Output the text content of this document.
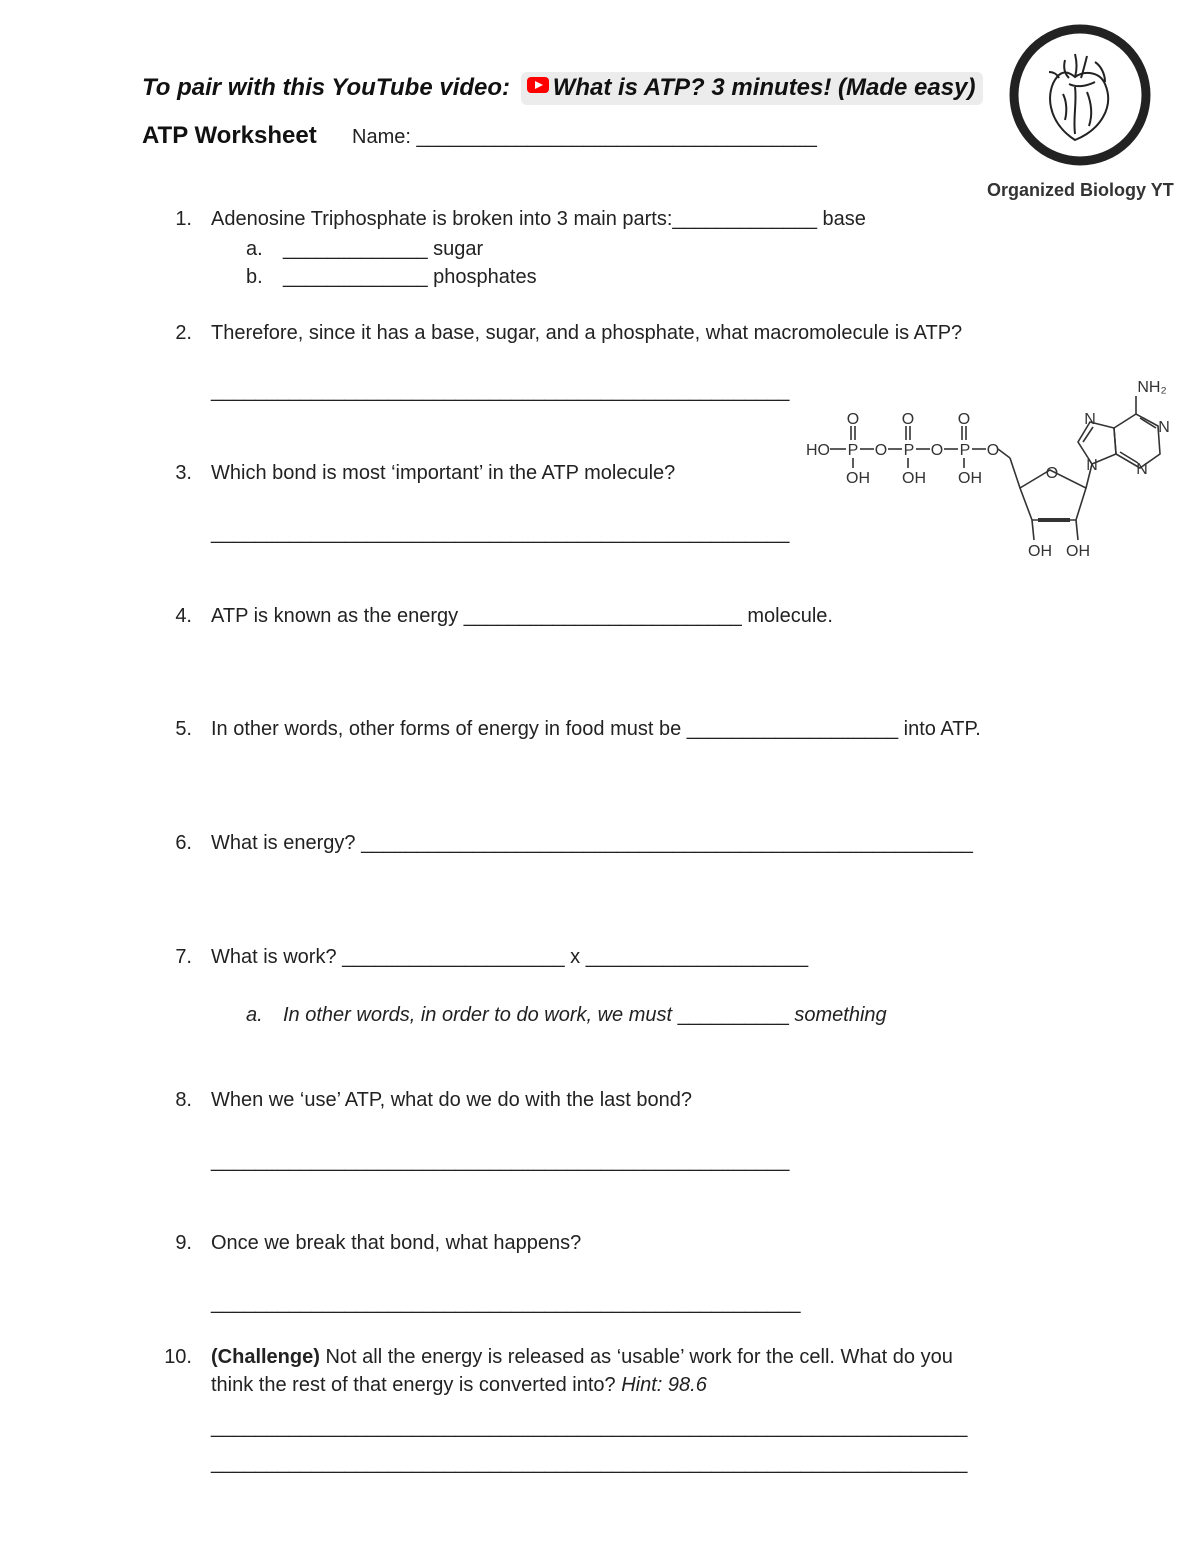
To pair with this YouTube video: What is ATP? 3 minutes! (Made easy)
ATP Worksheet Name: ____________________________________
Organized Biology YT
1. Adenosine Triphosphate is broken into 3 main parts:_____________ base
a. _____________ sugar
b. _____________ phosphates
2. Therefore, since it has a base, sugar, and a phosphate, what macromolecule is ATP?
____________________________________________________
HO P O P O P O
O	O	O
OH OH OH	O
OH OH
N
N
N
N
NH₂
3. Which bond is most ‘important’ in the ATP molecule?
____________________________________________________
4. ATP is known as the energy _________________________ molecule.
5. In other words, other forms of energy in food must be ___________________ into ATP.
6. What is energy? _______________________________________________________
7. What is work? ____________________ x ____________________
a. In other words, in order to do work, we must __________ something
8. When we ‘use’ ATP, what do we do with the last bond?
____________________________________________________
9. Once we break that bond, what happens?
_____________________________________________________
10. (Challenge) Not all the energy is released as ‘usable’ work for the cell. What do you
think the rest of that energy is converted into? Hint: 98.6
____________________________________________________________________
____________________________________________________________________
